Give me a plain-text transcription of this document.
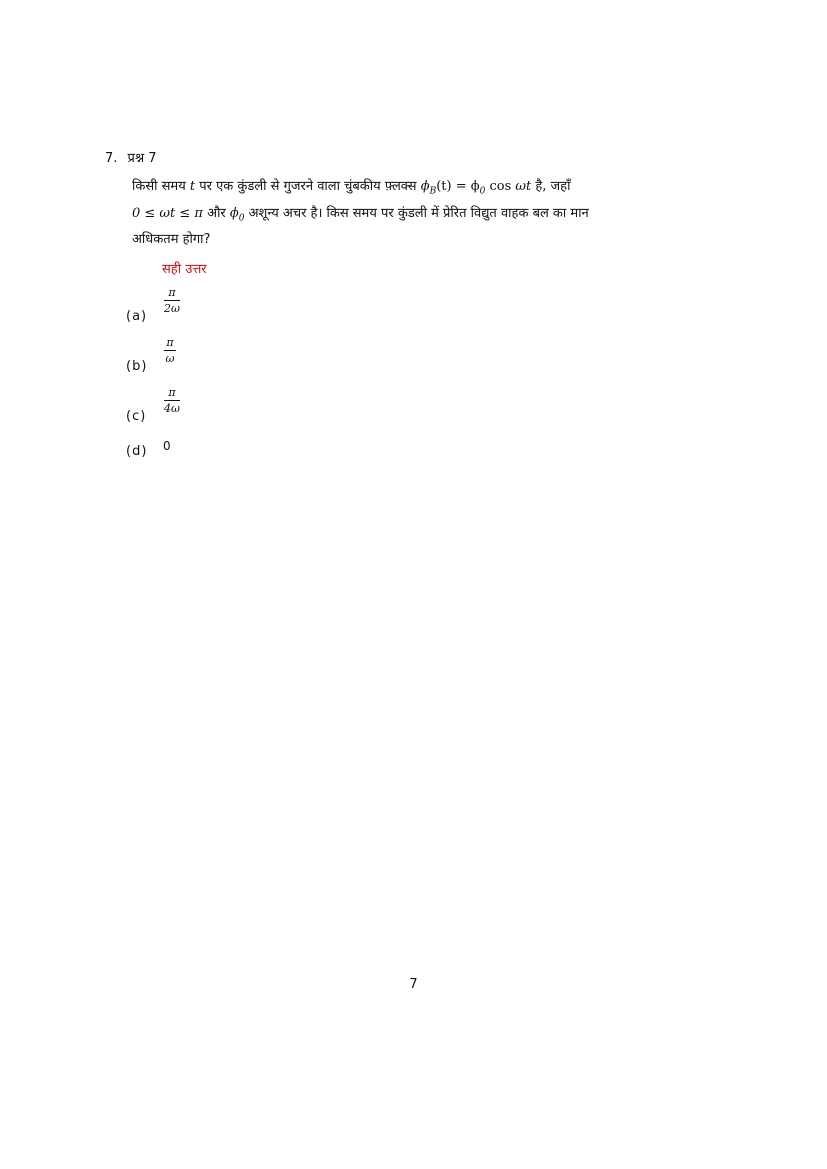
7. प्रश्न 7
किसी समय t पर एक कुंडली से गुजरने वाला चुंबकीय फ़्लक्स $\phi_B(t) = \phi_0$ cos ωt है, जहाँ
0 ≤ ωt ≤ π और $\phi_0$ अशून्य अचर है। किस समय पर कुंडली में प्रेरित विद्युत वाहक बल का मान अधिकतम होगा?
सही उत्तर
(a)
π
2ω
(b)
π
ω
(c)
π
4ω
(d) 0
7
